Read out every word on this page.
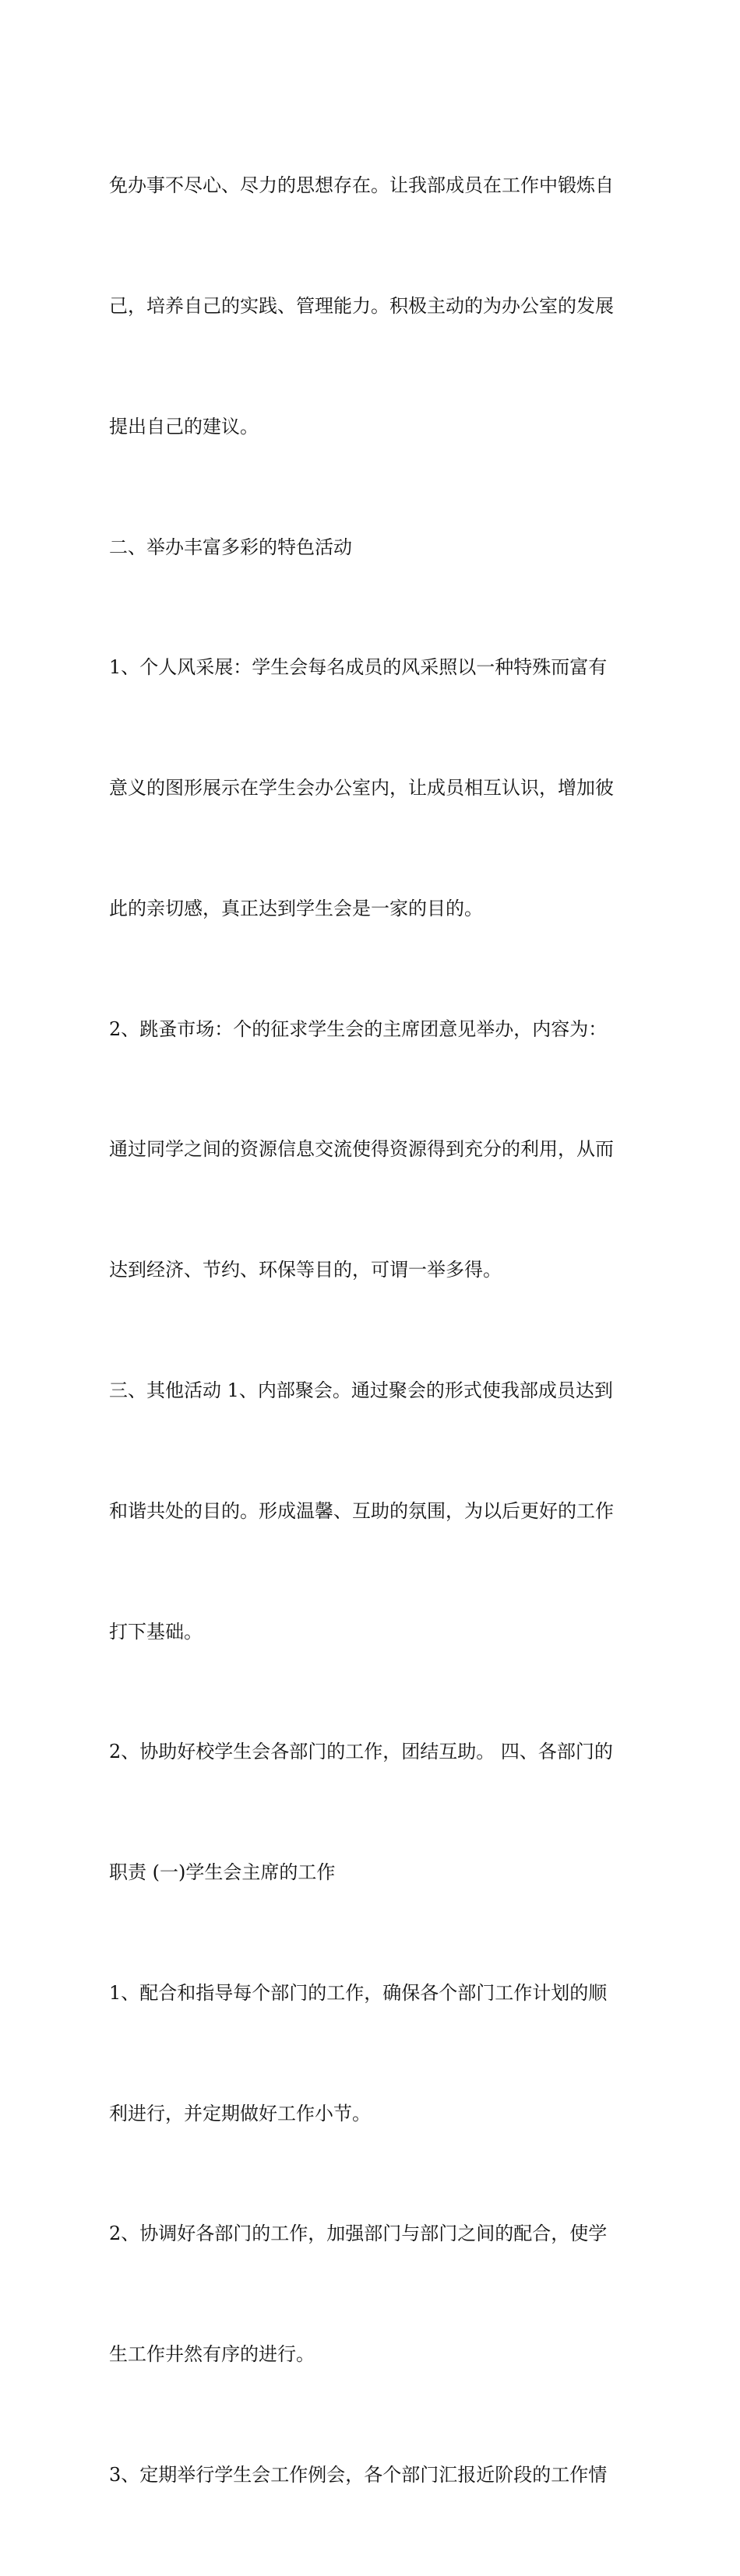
免办事不尽心、尽力的思想存在。让我部成员在工作中锻炼自

己，培养自己的实践、管理能力。积极主动的为办公室的发展

提出自己的建议。

二、举办丰富多彩的特色活动

1、个人风采展：学生会每名成员的风采照以一种特殊而富有

意义的图形展示在学生会办公室内，让成员相互认识，增加彼

此的亲切感，真正达到学生会是一家的目的。

2、跳蚤市场：个的征求学生会的主席团意见举办，内容为：

通过同学之间的资源信息交流使得资源得到充分的利用，从而

达到经济、节约、环保等目的，可谓一举多得。

三、其他活动 1、内部聚会。通过聚会的形式使我部成员达到

和谐共处的目的。形成温馨、互助的氛围，为以后更好的工作

打下基础。

2、协助好校学生会各部门的工作，团结互助。 四、各部门的

职责 (一)学生会主席的工作

1、配合和指导每个部门的工作，确保各个部门工作计划的顺

利进行，并定期做好工作小节。

2、协调好各部门的工作，加强部门与部门之间的配合，使学

生工作井然有序的进行。

3、定期举行学生会工作例会，各个部门汇报近阶段的工作情
